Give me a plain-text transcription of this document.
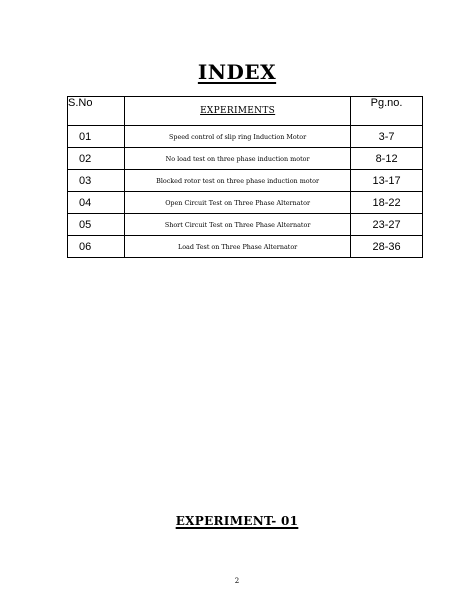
INDEX
S.No	EXPERIMENTS	Pg.no.
01	Speed control of slip ring Induction Motor	3-7
02	No load test on three phase induction motor	8-12
03	Blocked rotor test on three phase induction motor	13-17
04	Open Circuit Test on Three Phase Alternator	18-22
05	Short Circuit Test on Three Phase Alternator	23-27
06	Load Test on Three Phase Alternator	28-36
EXPERIMENT- 01
2
